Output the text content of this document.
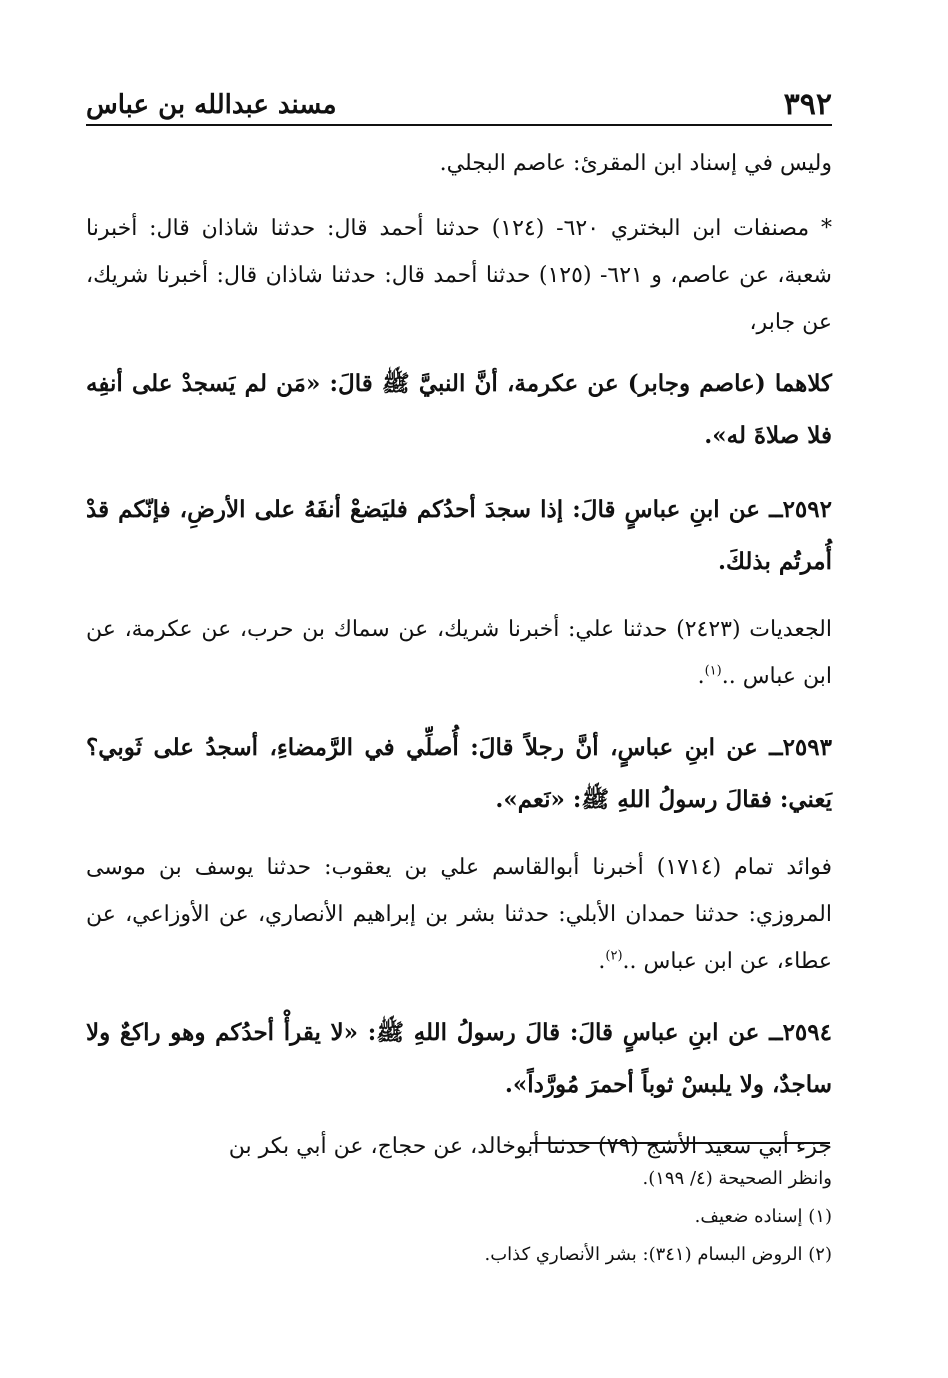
٣٩٢
مسند عبدالله بن عباس

وليس في إسناد ابن المقرئ: عاصم البجلي.

* مصنفات ابن البختري ٦٢٠- (١٢٤) حدثنا أحمد قال: حدثنا شاذان قال: أخبرنا شعبة، عن عاصم، و ٦٢١- (١٢٥) حدثنا أحمد قال: حدثنا شاذان قال: أخبرنا شريك، عن جابر،

كلاهما (عاصم وجابر) عن عكرمة، أنَّ النبيَّ ﷺ قالَ: «مَن لم يَسجدْ على أنفِه فلا صلاةَ له».

٢٥٩٢ــ عن ابنِ عباسٍ قالَ: إذا سجدَ أحدُكم فليَضعْ أنفَهُ على الأرضِ، فإنّكم قدْ أُمرتُم بذلكَ.

الجعديات (٢٤٢٣) حدثنا علي: أخبرنا شريك، عن سماك بن حرب، عن عكرمة، عن ابن عباس ..$^{(١)}$.

٢٥٩٣ــ عن ابنِ عباسٍ، أنَّ رجلاً قالَ: أُصلِّي في الرَّمضاءِ، أسجدُ على ثَوبي؟ يَعني: فقالَ رسولُ اللهِ ﷺ: «نَعم».

فوائد تمام (١٧١٤) أخبرنا أبوالقاسم علي بن يعقوب: حدثنا يوسف بن موسى المروزي: حدثنا حمدان الأبلي: حدثنا بشر بن إبراهيم الأنصاري، عن الأوزاعي، عن عطاء، عن ابن عباس ..$^{(٢)}$.

٢٥٩٤ــ عن ابنِ عباسٍ قالَ: قالَ رسولُ اللهِ ﷺ: «لا يقرأْ أحدُكم وهو راكعٌ ولا ساجدٌ، ولا يلبسْ ثوباً أحمرَ مُورَّداً».

جزء أبي سعيد الأشج (٧٩) حدثنا أبوخالد، عن حجاج، عن أبي بكر بن

وانظر الصحيحة (٤/ ١٩٩).
(١) إسناده ضعيف.
(٢) الروض البسام (٣٤١): بشر الأنصاري كذاب.
